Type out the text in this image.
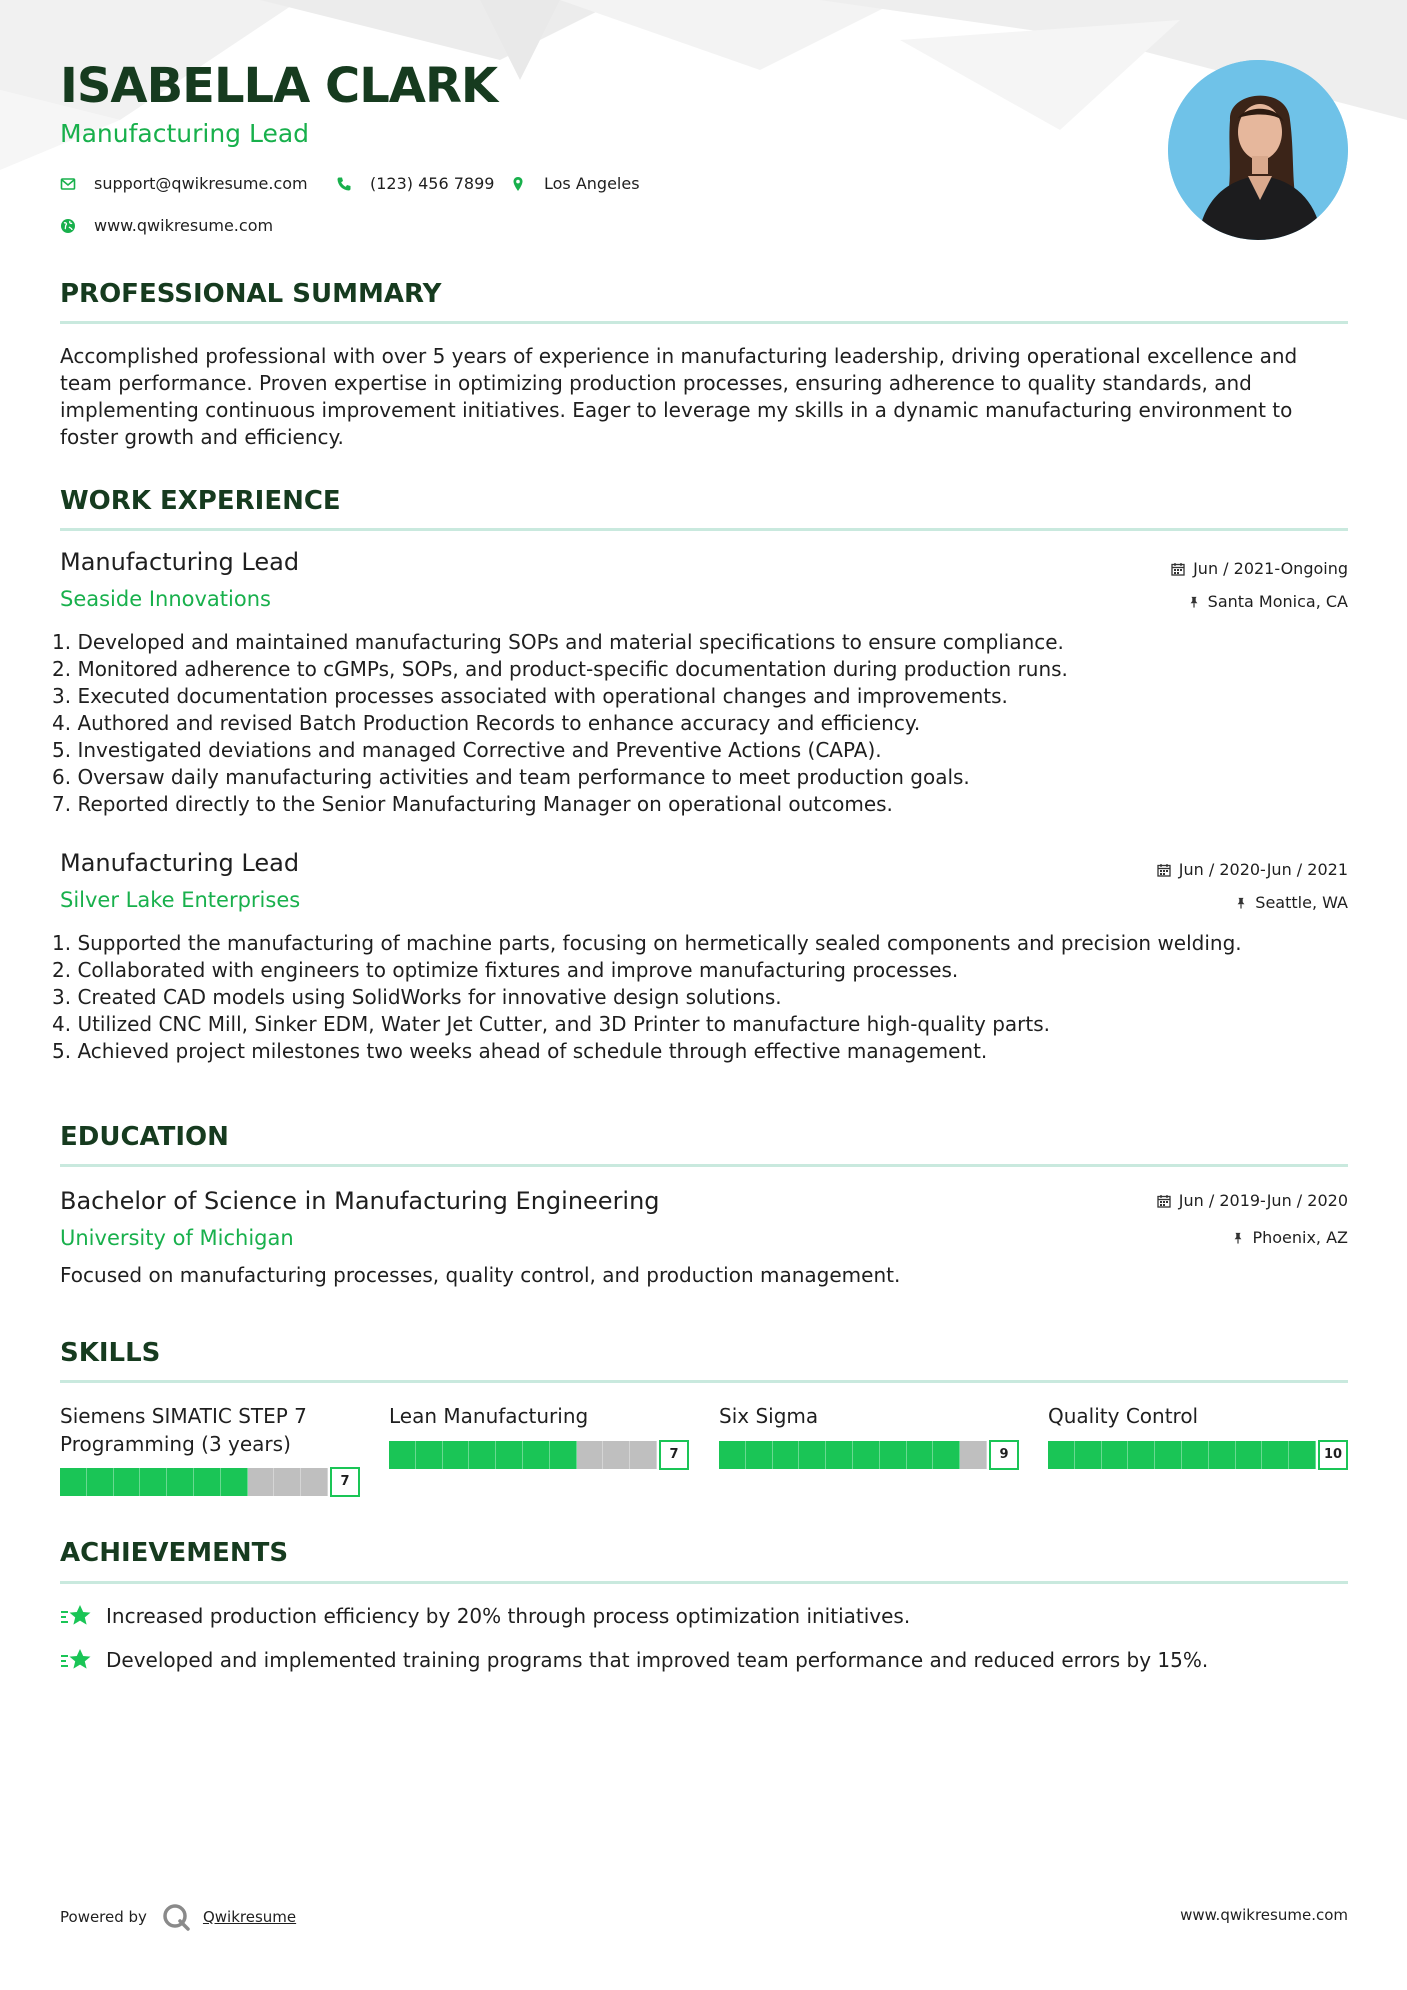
ISABELLA CLARK
Manufacturing Lead
support@qwikresume.com	(123) 456 7899	Los Angeles
www.qwikresume.com
PROFESSIONAL SUMMARY

Accomplished professional with over 5 years of experience in manufacturing leadership, driving operational excellence and team performance. Proven expertise in optimizing production processes, ensuring adherence to quality standards, and implementing continuous improvement initiatives. Eager to leverage my skills in a dynamic manufacturing environment to foster growth and efficiency.

WORK EXPERIENCE
Manufacturing Lead
Seaside Innovations
Jun / 2021-Ongoing
Santa Monica, CA
1. Developed and maintained manufacturing SOPs and material specifications to ensure compliance.
2. Monitored adherence to cGMPs, SOPs, and product-specific documentation during production runs.
3. Executed documentation processes associated with operational changes and improvements.
4. Authored and revised Batch Production Records to enhance accuracy and efficiency.
5. Investigated deviations and managed Corrective and Preventive Actions (CAPA).
6. Oversaw daily manufacturing activities and team performance to meet production goals.
7. Reported directly to the Senior Manufacturing Manager on operational outcomes.
Manufacturing Lead
Silver Lake Enterprises
Jun / 2020-Jun / 2021
Seattle, WA
1. Supported the manufacturing of machine parts, focusing on hermetically sealed components and precision welding.
2. Collaborated with engineers to optimize fixtures and improve manufacturing processes.
3. Created CAD models using SolidWorks for innovative design solutions.
4. Utilized CNC Mill, Sinker EDM, Water Jet Cutter, and 3D Printer to manufacture high-quality parts.
5. Achieved project milestones two weeks ahead of schedule through effective management.
EDUCATION
Bachelor of Science in Manufacturing Engineering
University of Michigan
Jun / 2019-Jun / 2020
Phoenix, AZ

Focused on manufacturing processes, quality control, and production management.

SKILLS
Siemens SIMATIC STEP 7 Programming (3 years)
7
Lean Manufacturing
7
Six Sigma
9
Quality Control
10
ACHIEVEMENTS
Increased production efficiency by 20% through process optimization initiatives.
Developed and implemented training programs that improved team performance and reduced errors by 15%.
Powered by	Qwikresume	www.qwikresume.com
